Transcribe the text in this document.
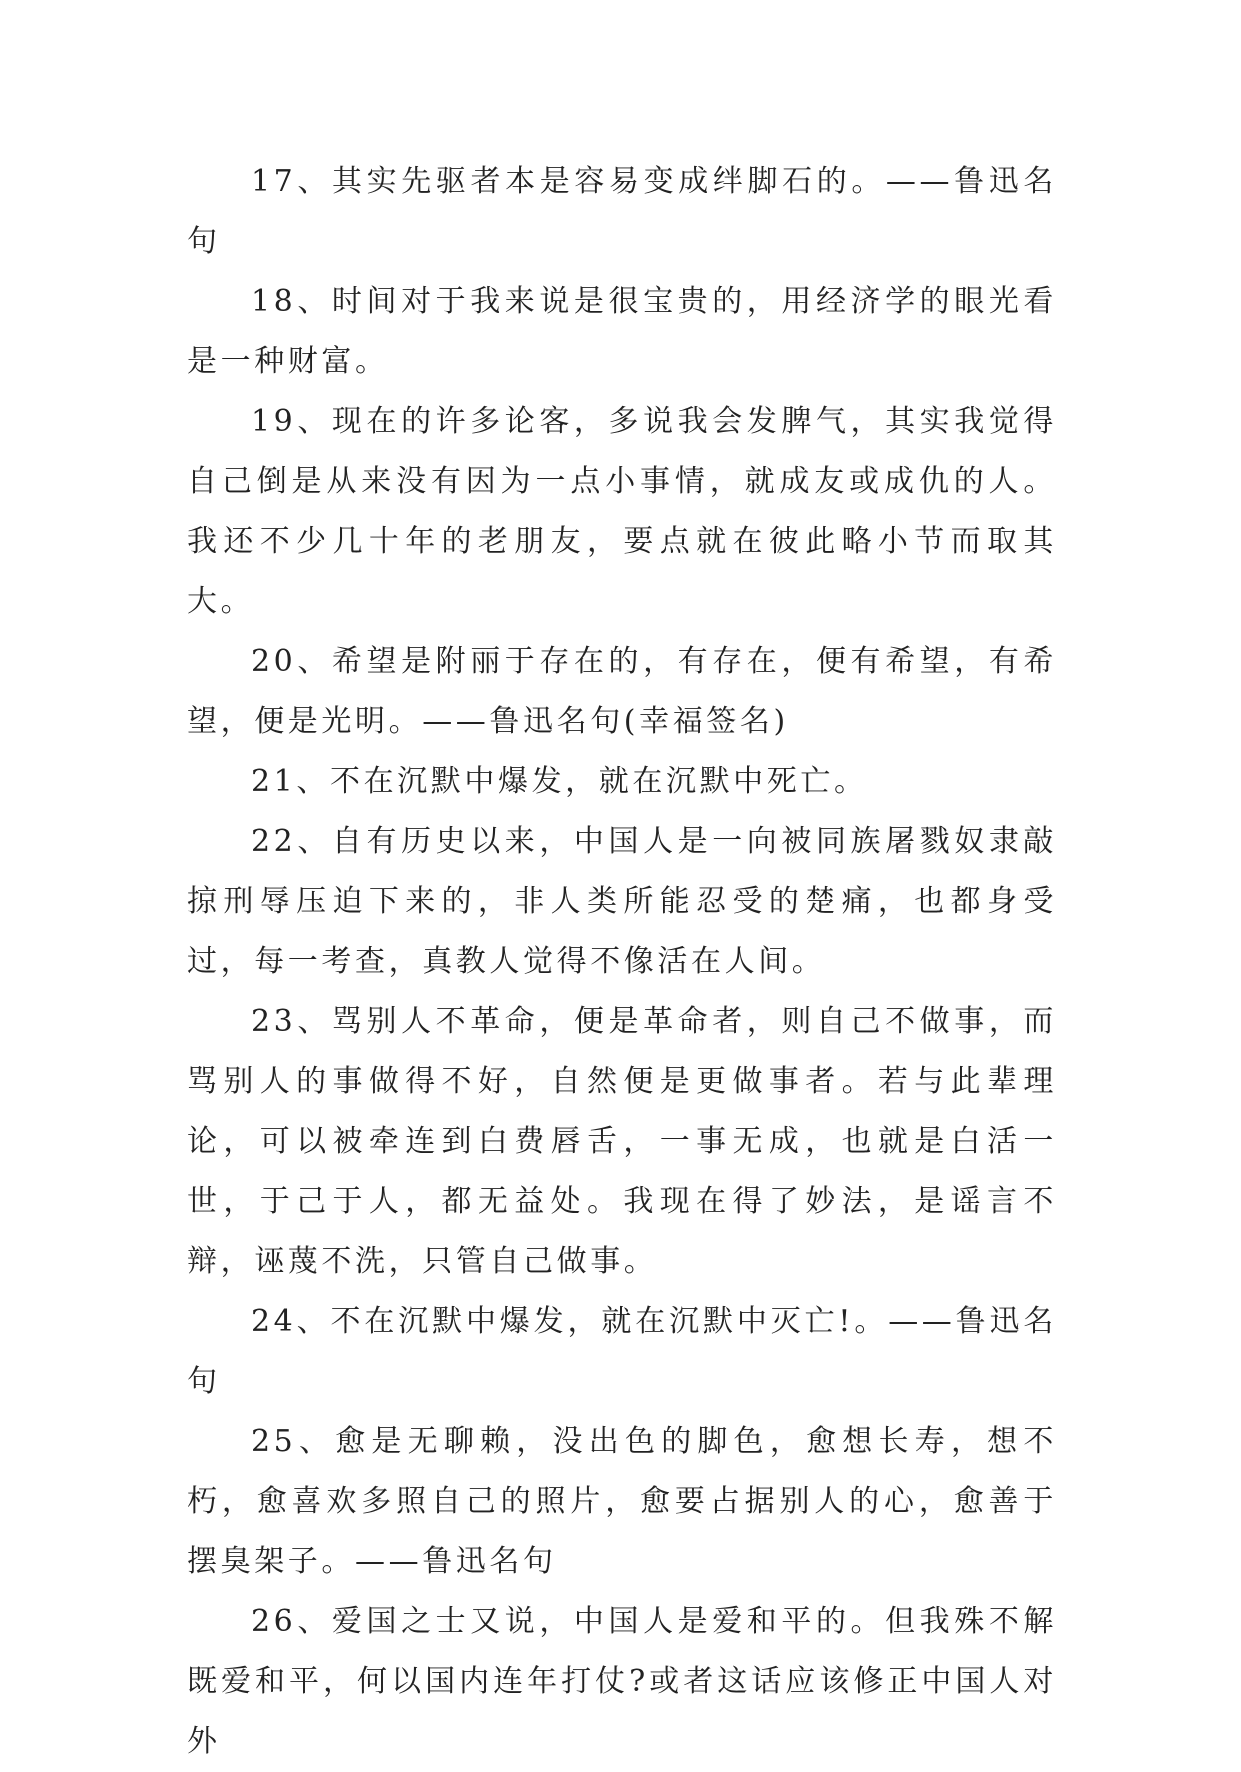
17、其实先驱者本是容易变成绊脚石的。——鲁迅名句

18、时间对于我来说是很宝贵的，用经济学的眼光看是一种财富。

19、现在的许多论客，多说我会发脾气，其实我觉得自己倒是从来没有因为一点小事情，就成友或成仇的人。我还不少几十年的老朋友，要点就在彼此略小节而取其大。

20、希望是附丽于存在的，有存在，便有希望，有希望，便是光明。——鲁迅名句(幸福签名)

21、不在沉默中爆发，就在沉默中死亡。

22、自有历史以来，中国人是一向被同族屠戮奴隶敲掠刑辱压迫下来的，非人类所能忍受的楚痛，也都身受过，每一考查，真教人觉得不像活在人间。

23、骂别人不革命，便是革命者，则自己不做事，而骂别人的事做得不好，自然便是更做事者。若与此辈理论，可以被牵连到白费唇舌，一事无成，也就是白活一世，于己于人，都无益处。我现在得了妙法，是谣言不辩，诬蔑不洗，只管自己做事。

24、不在沉默中爆发，就在沉默中灭亡!。——鲁迅名句

25、愈是无聊赖，没出色的脚色，愈想长寿，想不朽，愈喜欢多照自己的照片，愈要占据别人的心，愈善于摆臭架子。——鲁迅名句

26、爱国之士又说，中国人是爱和平的。但我殊不解既爱和平，何以国内连年打仗?或者这话应该修正中国人对外
